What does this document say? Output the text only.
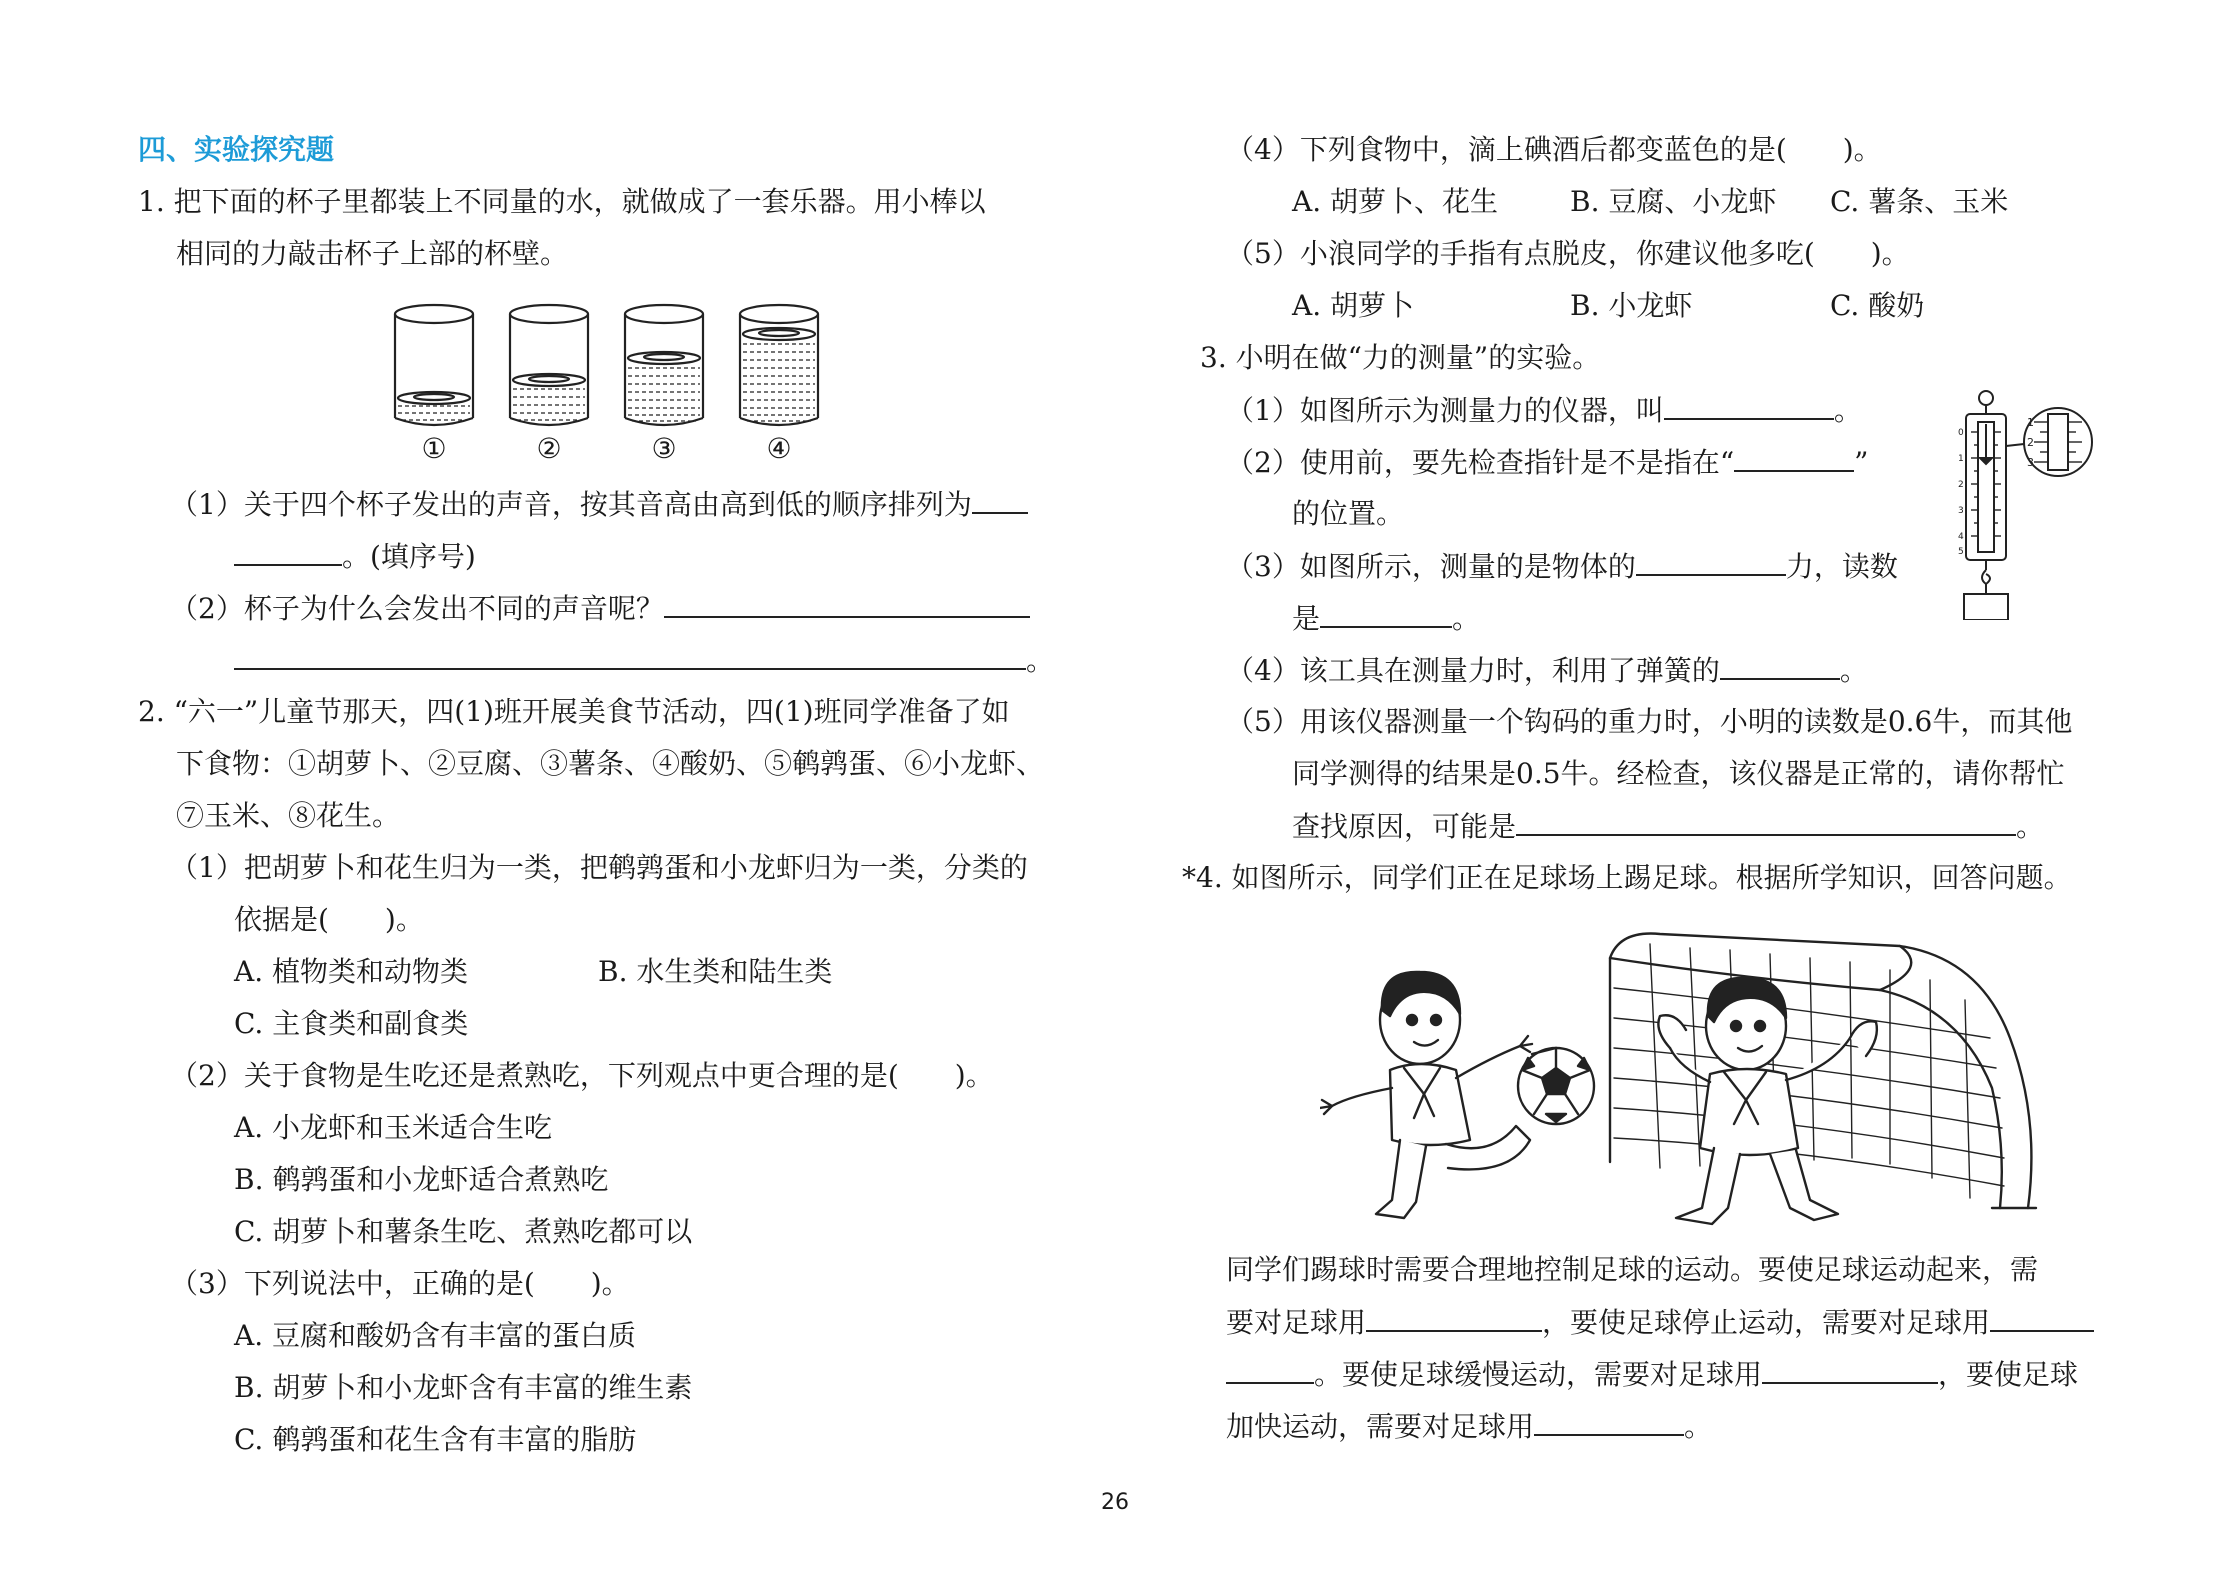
四、实验探究题
1. 把下面的杯子里都装上不同量的水，就做成了一套乐器。用小棒以
相同的力敲击杯子上部的杯壁。
①	②	③	④
（1）关于四个杯子发出的声音，按其音高由高到低的顺序排列为
。(填序号)
（2）杯子为什么会发出不同的声音呢？
。
2. “六一”儿童节那天，四(1)班开展美食节活动，四(1)班同学准备了如
下食物：①胡萝卜、②豆腐、③薯条、④酸奶、⑤鹌鹑蛋、⑥小龙虾、
⑦玉米、⑧花生。
（1）把胡萝卜和花生归为一类，把鹌鹑蛋和小龙虾归为一类，分类的
依据是(　　)。
A. 植物类和动物类	B. 水生类和陆生类
C. 主食类和副食类
（2）关于食物是生吃还是煮熟吃，下列观点中更合理的是(　　)。
A. 小龙虾和玉米适合生吃
B. 鹌鹑蛋和小龙虾适合煮熟吃
C. 胡萝卜和薯条生吃、煮熟吃都可以
（3）下列说法中，正确的是(　　)。
A. 豆腐和酸奶含有丰富的蛋白质
B. 胡萝卜和小龙虾含有丰富的维生素
C. 鹌鹑蛋和花生含有丰富的脂肪
（4）下列食物中，滴上碘酒后都变蓝色的是(　　)。
A. 胡萝卜、花生	B. 豆腐、小龙虾 C. 薯条、玉米
（5）小浪同学的手指有点脱皮，你建议他多吃(　　)。
A. 胡萝卜	B. 小龙虾	C. 酸奶
3. 小明在做“力的测量”的实验。
（1）如图所示为测量力的仪器，叫	。
（2）使用前，要先检查指针是不是指在“	”
的位置。
（3）如图所示，测量的是物体的	力，读数
是	。
0
1
2
3
4
5
1
2
3
（4）该工具在测量力时，利用了弹簧的	。
（5）用该仪器测量一个钩码的重力时，小明的读数是0.6牛，而其他
同学测得的结果是0.5牛。经检查，该仪器是正常的，请你帮忙
查找原因，可能是	。
*4. 如图所示，同学们正在足球场上踢足球。根据所学知识，回答问题。
同学们踢球时需要合理地控制足球的运动。要使足球运动起来，需
要对足球用	，要使足球停止运动，需要对足球用
。要使足球缓慢运动，需要对足球用	，要使足球
加快运动，需要对足球用	。
26
